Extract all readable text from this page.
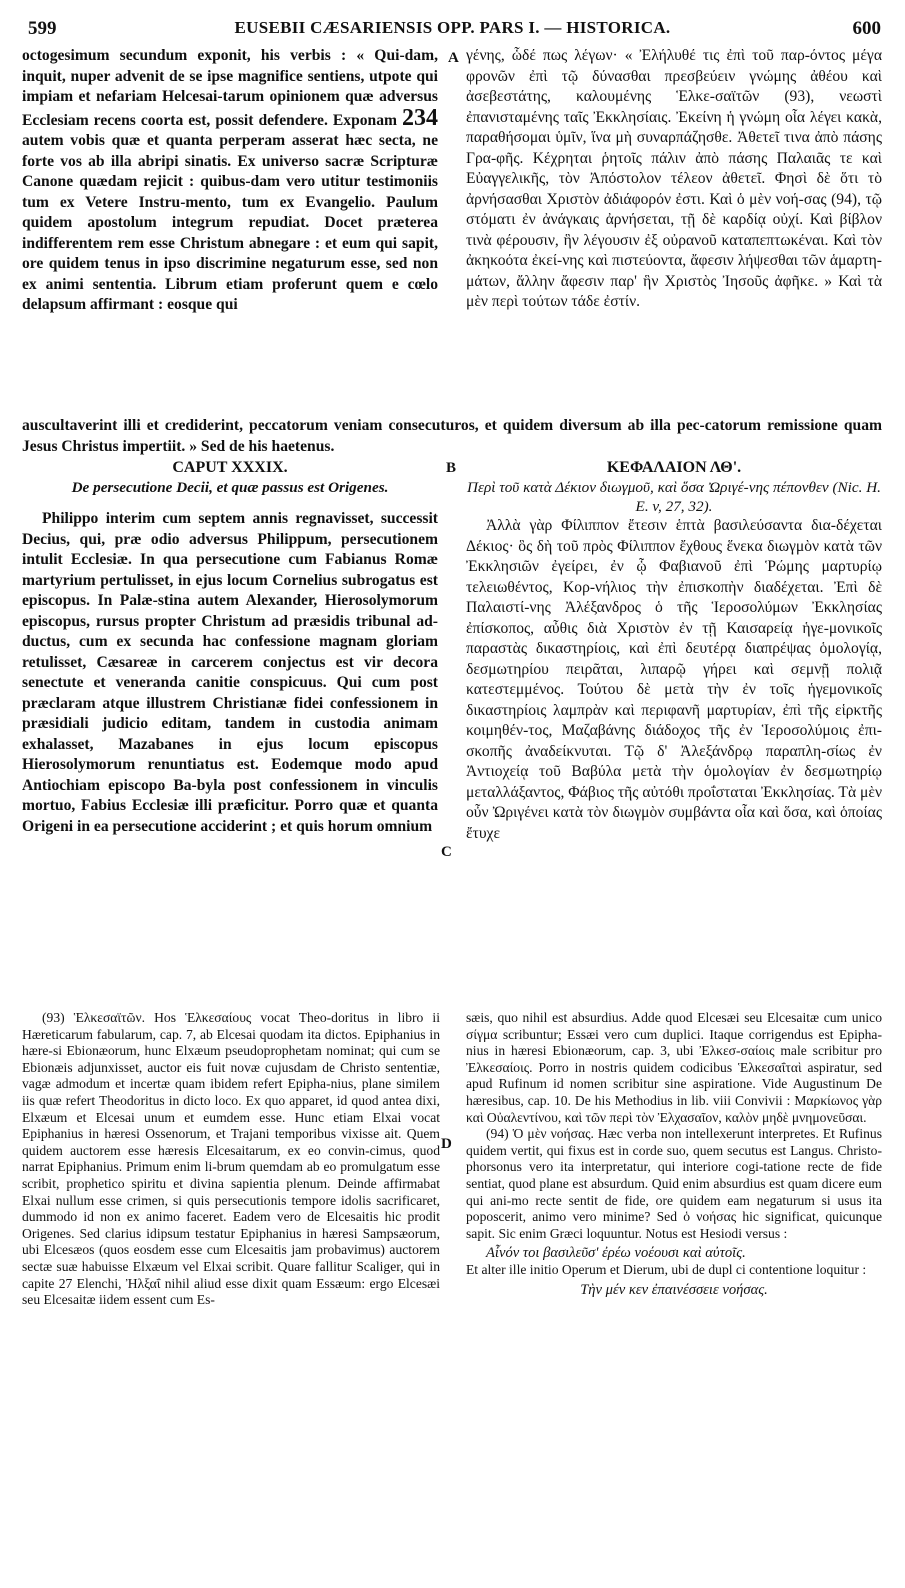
599	EUSEBII CÆSARIENSIS OPP. PARS I. — HISTORICA.	600
A
B
C
D

octogesimum secundum exponit, his verbis : « Qui-dam, inquit, nuper advenit de se ipse magnifice sentiens, utpote qui impiam et nefariam Helcesai-tarum opinionem quæ adversus Ecclesiam recens coorta est, possit defendere. Exponam 234 autem vobis quæ et quanta perperam asserat hæc secta, ne forte vos ab illa abripi sinatis. Ex universo sacræ Scripturæ Canone quædam rejicit : quibus-dam vero utitur testimoniis tum ex Vetere Instru-mento, tum ex Evangelio. Paulum quidem apostolum integrum repudiat. Docet præterea indifferentem rem esse Christum abnegare : et eum qui sapit, ore quidem tenus in ipso discrimine negaturum esse, sed non ex animi sententia. Librum etiam proferunt quem e cœlo delapsum affirmant : eosque qui

γένης, ὧδέ πως λέγων· « Ἐλήλυθέ τις ἐπὶ τοῦ παρ-όντος μέγα φρονῶν ἐπὶ τῷ δύνασθαι πρεσβεύειν γνώμης ἀθέου καὶ ἀσεβεστάτης, καλουμένης Ἑλκε-σαϊτῶν (93), νεωστὶ ἐπανισταμένης ταῖς Ἐκκλησίαις. Ἐκείνη ἡ γνώμη οἷα λέγει κακὰ, παραθήσομαι ὑμῖν, ἵνα μὴ συναρπάζησθε. Ἀθετεῖ τινα ἀπὸ πάσης Γρα-φῆς. Κέχρηται ῥητοῖς πάλιν ἀπὸ πάσης Παλαιᾶς τε καὶ Εὐαγγελικῆς, τὸν Ἀπόστολον τέλεον ἀθετεῖ. Φησὶ δὲ ὅτι τὸ ἀρνήσασθαι Χριστὸν ἀδιάφορόν ἐστι. Καὶ ὁ μὲν νοή-σας (94), τῷ στόματι ἐν ἀνάγκαις ἀρνήσεται, τῇ δὲ καρδίᾳ οὐχί. Καὶ βίβλον τινὰ φέρουσιν, ἣν λέγουσιν ἐξ οὐρανοῦ καταπεπτωκέναι. Καὶ τὸν ἀκηκοότα ἐκεί-νης καὶ πιστεύοντα, ἄφεσιν λήψεσθαι τῶν ἁμαρτη-μάτων, ἄλλην ἄφεσιν παρ' ἣν Χριστὸς Ἰησοῦς ἀφῆκε. » Καὶ τὰ μὲν περὶ τούτων τάδε ἐστίν.

auscultaverint illi et crediderint, peccatorum veniam consecuturos, et quidem diversum ab illa pec-catorum remissione quam Jesus Christus impertiit. » Sed de his haetenus.

CAPUT XXXIX.

De persecutione Decii, et quæ passus est Origenes.

Philippo interim cum septem annis regnavisset, successit Decius, qui, præ odio adversus Philippum, persecutionem intulit Ecclesiæ. In qua persecutione cum Fabianus Romæ martyrium pertulisset, in ejus locum Cornelius subrogatus est episcopus. In Palæ-stina autem Alexander, Hierosolymorum episcopus, rursus propter Christum ad præsidis tribunal ad-ductus, cum ex secunda hac confessione magnam gloriam retulisset, Cæsareæ in carcerem conjectus est vir decora senectute et veneranda canitie conspicuus. Qui cum post præclaram atque illustrem Christianæ fidei confessionem in præsidiali judicio editam, tandem in custodia animam exhalasset, Mazabanes in ejus locum episcopus Hierosolymorum renuntiatus est. Eodemque modo apud Antiochiam episcopo Ba-byla post confessionem in vinculis mortuo, Fabius Ecclesiæ illi præficitur. Porro quæ et quanta Origeni in ea persecutione acciderint ; et quis horum omnium

ΚΕΦΑΛΑΙΟΝ ΛΘ'.

Περὶ τοῦ κατὰ Δέκιον διωγμοῦ, καὶ ὅσα Ὠριγέ-νης πέπονθεν (Nic. H. E. v, 27, 32).

Ἀλλὰ γὰρ Φίλιππον ἔτεσιν ἑπτὰ βασιλεύσαντα δια-δέχεται Δέκιος· ὃς δὴ τοῦ πρὸς Φίλιππον ἔχθους ἕνεκα διωγμὸν κατὰ τῶν Ἐκκλησιῶν ἐγείρει, ἐν ᾧ Φαβιανοῦ ἐπὶ Ῥώμης μαρτυρίῳ τελειωθέντος, Κορ-νήλιος τὴν ἐπισκοπὴν διαδέχεται. Ἐπὶ δὲ Παλαιστί-νης Ἀλέξανδρος ὁ τῆς Ἱεροσολύμων Ἐκκλησίας ἐπίσκοπος, αὖθις διὰ Χριστὸν ἐν τῇ Καισαρείᾳ ἡγε-μονικοῖς παραστὰς δικαστηρίοις, καὶ ἐπὶ δευτέρᾳ διαπρέψας ὁμολογίᾳ, δεσμωτηρίου πειρᾶται, λιπαρῷ γήρει καὶ σεμνῇ πολιᾷ κατεστεμμένος. Τούτου δὲ μετὰ τὴν ἐν τοῖς ἡγεμονικοῖς δικαστηρίοις λαμπρὰν καὶ περιφανῆ μαρτυρίαν, ἐπὶ τῆς εἱρκτῆς κοιμηθέν-τος, Μαζαβάνης διάδοχος τῆς ἐν Ἱεροσολύμοις ἐπι-σκοπῆς ἀναδείκνυται. Τῷ δ' Ἀλεξάνδρῳ παραπλη-σίως ἐν Ἀντιοχείᾳ τοῦ Βαβύλα μετὰ τὴν ὁμολογίαν ἐν δεσμωτηρίῳ μεταλλάξαντος, Φάβιος τῆς αὐτόθι προΐσταται Ἐκκλησίας. Τὰ μὲν οὖν Ὠριγένει κατὰ τὸν διωγμὸν συμβάντα οἷα καὶ ὅσα, καὶ ὁποίας ἔτυχε

(93) Ἑλκεσαϊτῶν. Hos Ἑλκεσαίους vocat Theo-doritus in libro ii Hæreticarum fabularum, cap. 7, ab Elcesai quodam ita dictos. Epiphanius in hære-si Ebionæorum, hunc Elxæum pseudoprophetam nominat; qui cum se Ebionæis adjunxisset, auctor eis fuit novæ cujusdam de Christo sententiæ, vagæ admodum et incertæ quam ibidem refert Epipha-nius, plane similem iis quæ refert Theodoritus in dicto loco. Ex quo apparet, id quod antea dixi, Elxæum et Elcesai unum et eumdem esse. Hunc etiam Elxai vocat Epiphanius in hæresi Ossenorum, et Trajani temporibus vixisse ait. Quem quidem auctorem esse hæresis Elcesaitarum, ex eo convin-cimus, quod narrat Epiphanius. Primum enim li-brum quemdam ab eo promulgatum esse scribit, prophetico spiritu et divina sapientia plenum. Deinde affirmabat Elxai nullum esse crimen, si quis persecutionis tempore idolis sacrificaret, dummodo id non ex animo faceret. Eadem vero de Elcesaitis hic prodit Origenes. Sed clarius idipsum testatur Epiphanius in hæresi Sampsæorum, ubi Elcesæos (quos eosdem esse cum Elcesaitis jam probavimus) auctorem sectæ suæ habuisse Elxæum vel Elxai scribit. Quare fallitur Scaliger, qui in capite 27 Elenchi, Ἠλξαΐ nihil aliud esse dixit quam Essæum: ergo Elcesæi seu Elcesaitæ iidem essent cum Es-

sæis, quo nihil est absurdius. Adde quod Elcesæi seu Elcesaitæ cum unico σίγμα scribuntur; Essæi vero cum duplici. Itaque corrigendus est Epipha-nius in hæresi Ebionæorum, cap. 3, ubi Ἐλκεσ-σαίοις male scribitur pro Ἐλκεσαίοις. Porro in nostris quidem codicibus Ἑλκεσαΐταὶ aspiratur, sed apud Rufinum id nomen scribitur sine aspiratione. Vide Augustinum De hæresibus, cap. 10. De his Methodius in lib. viii Convivii : Μαρκίωνος γὰρ καὶ Οὐαλεντίνου, καὶ τῶν περὶ τὸν Ἐλχασαῖον, καλὸν μηδὲ μνημονεῦσαι.

(94) Ὁ μὲν νοήσας. Hæc verba non intellexerunt interpretes. Et Rufinus quidem vertit, qui fixus est in corde suo, quem secutus est Langus. Christo-phorsonus vero ita interpretatur, qui interiore cogi-tatione recte de fide sentiat, quod plane est absurdum. Quid enim absurdius est quam dicere eum qui ani-mo recte sentit de fide, ore quidem eam negaturum si usus ita poposcerit, animo vero minime? Sed ὁ νοήσας hic significat, quicunque sapit. Sic enim Græci loquuntur. Notus est Hesiodi versus :

Αἶνόν τοι βασιλεῦσ' ἐρέω νοέουσι καὶ αὐτοῖς.

Et alter ille initio Operum et Dierum, ubi de dupl ci contentione loquitur :

Τὴν μέν κεν ἐπαινέσσειε νοήσας.
